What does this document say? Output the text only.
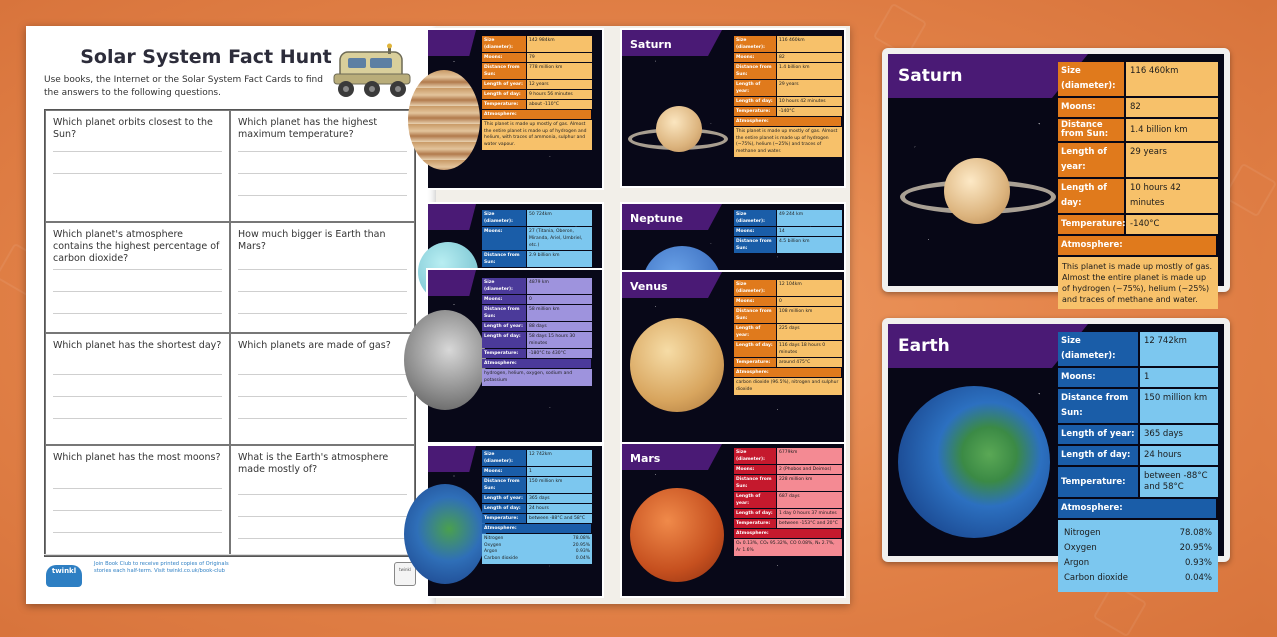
Solar System Fact Hunt
Use books, the Internet or the Solar System Fact Cards to find the answers to the following questions.
Which planet orbits closest to the Sun?
Which planet has the highest maximum temperature?
Which planet's atmosphere contains the highest percentage of carbon dioxide?
How much bigger is Earth than Mars?
Which planet has the shortest day? Which planets are made of gas?
Which planet has the most moons? What is the Earth's atmosphere made mostly of?
twinkl
ORIGINALS
Join Book Club to receive printed copies of Originals stories each half-term. Visit twinkl.co.uk/book-club	twinkl
Size (diameter):
142 984km
Moons:	79
Distance from Sun:
778 million km
Length of year:	12 years
Length of day:	9 hours 56 minutes
Temperature:	about -110°C
Atmosphere:
This planet is made up mostly of gas. Almost the entire planet is made up of hydrogen and helium, with traces of ammonia, sulphur and water vapour.
Saturn	Size (diameter):
116 460km
Moons:	82
Distance from Sun:
1.4 billion km
Length of year:
29 years
Length of day:	10 hours 42 minutes
Temperature:	-140°C
Atmosphere:
This planet is made up mostly of gas. Almost the entire planet is made up of hydrogen (~75%), helium (~25%) and traces of methane and water.
Size (diameter):
50 724km
Moons:	27 (Titania, Oberon, Miranda, Ariel, Umbriel, etc.)
Distance from Sun:
2.9 billion km
Neptune	Size (diameter):
49 244 km
Moons:	14
Distance from Sun:
4.5 billion km
Size (diameter):
4879 km
Moons:	0
Distance from Sun:
58 million km
Length of year:	88 days
Length of day:	58 days 15 hours 30 minutes
Temperature:	-180°C to 430°C
Atmosphere:
hydrogen, helium, oxygen, sodium and potassium
Venus	Size (diameter):
12 104km
Moons:	0
Distance from Sun:
108 million km
Length of year:
225 days
Length of day:	116 days 18 hours 0 minutes
Temperature:	around 475°C
Atmosphere:
carbon dioxide (96.5%), nitrogen and sulphur dioxide
Size (diameter):
12 742km
Moons:	1
Distance from Sun:
150 million km
Length of year:	365 days
Length of day:	24 hours
Temperature:	between -88°C and 58°C
Atmosphere:
Nitrogen	78.08%
Oxygen	20.95%
Argon	0.93%
Carbon dioxide	0.04%
Mars	Size (diameter):
6779km
Moons:	2 (Phobos and Deimos)
Distance from Sun:
228 million km
Length of year:
687 days
Length of day:	1 day 0 hours 37 minutes
Temperature:	between -153°C and 20°C
Atmosphere:
O₂ 0.13%, CO₂ 95.32%, CO 0.08%, N₂ 2.7%, Ar 1.6%
Saturn	Size (diameter):
116 460km
Moons:	82
Distance from Sun:	1.4 billion km
Length of year:
29 years
Length of day:
10 hours 42 minutes
Temperature: -140°C
Atmosphere:
This planet is made up mostly of gas. Almost the entire planet is made up of hydrogen (~75%), helium (~25%) and traces of methane and water.
Earth	Size (diameter):
12 742km
Moons:	1
Distance from Sun:
150 million km
Length of year:	365 days
Length of day:	24 hours
Temperature:
between -88°C and 58°C
Atmosphere:
Nitrogen	78.08%
Oxygen	20.95%
Argon	0.93%
Carbon dioxide	0.04%
